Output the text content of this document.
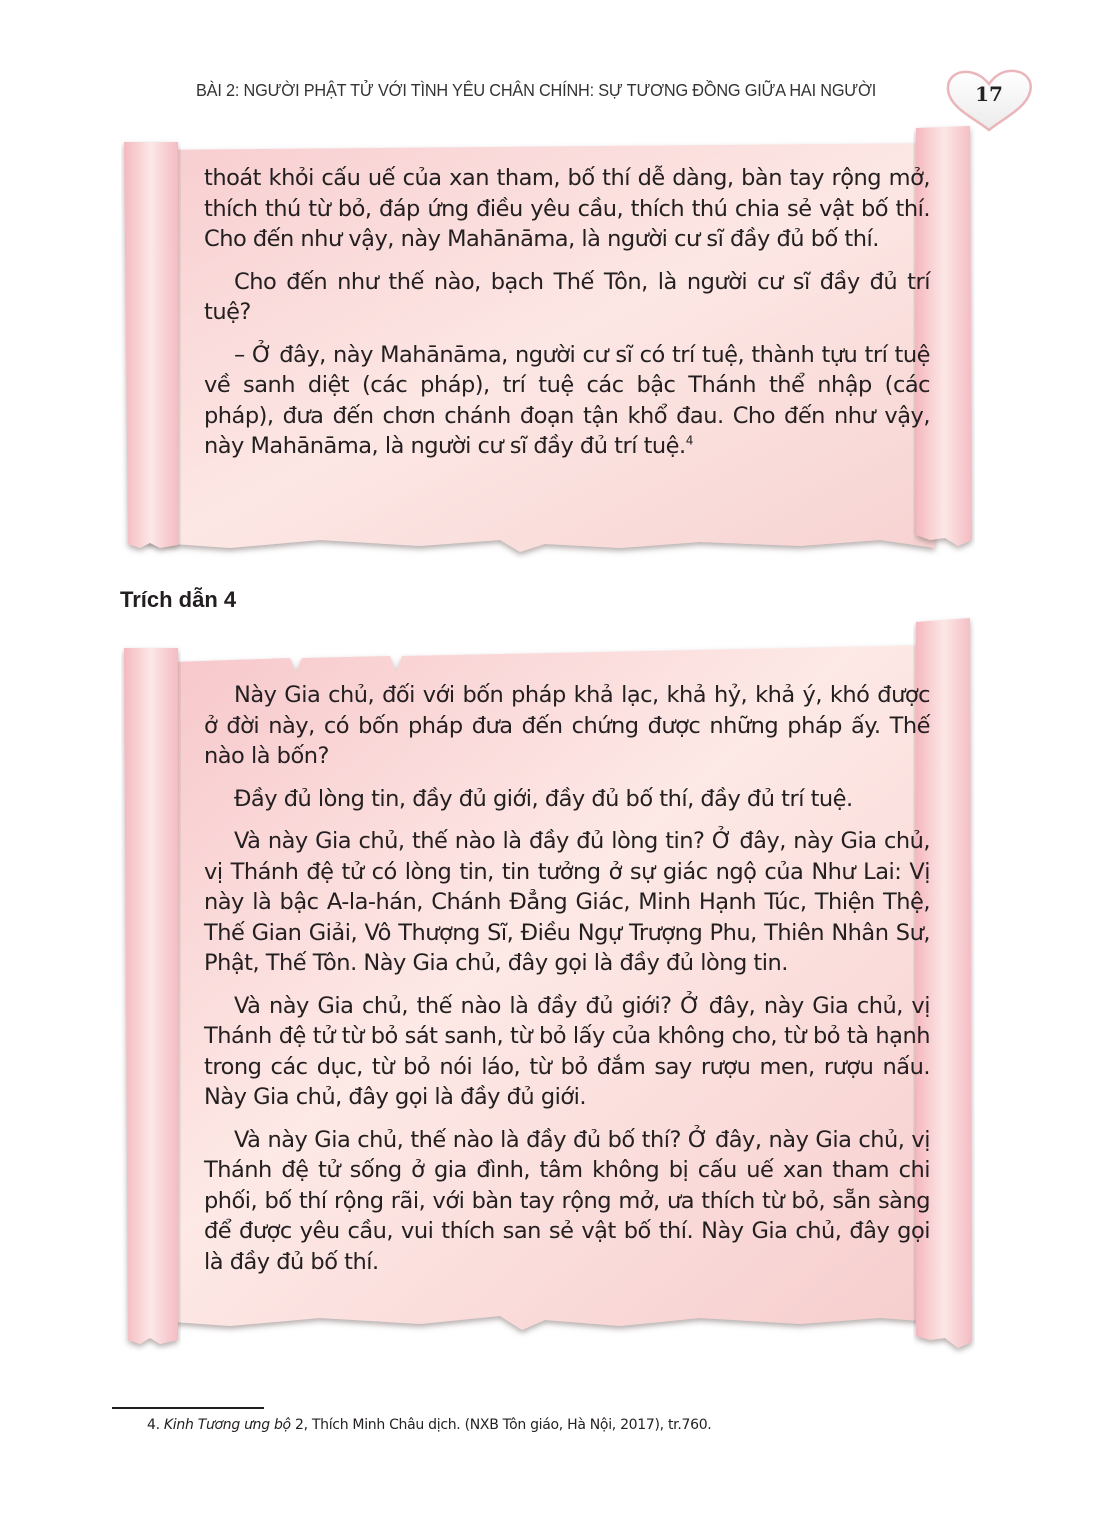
BÀI 2: NGƯỜI PHẬT TỬ VỚI TÌNH YÊU CHÂN CHÍNH: SỰ TƯƠNG ĐỒNG GIỮA HAI NGƯỜI	17

thoát khỏi cấu uế của xan tham, bố thí dễ dàng, bàn tay rộng mở, thích thú từ bỏ, đáp ứng điều yêu cầu, thích thú chia sẻ vật bố thí. Cho đến như vậy, này Mahānāma, là người cư sĩ đầy đủ bố thí.

Cho đến như thế nào, bạch Thế Tôn, là người cư sĩ đầy đủ trí tuệ?

– Ở đây, này Mahānāma, người cư sĩ có trí tuệ, thành tựu trí tuệ về sanh diệt (các pháp), trí tuệ các bậc Thánh thể nhập (các pháp), đưa đến chơn chánh đoạn tận khổ đau. Cho đến như vậy, này Mahānāma, là người cư sĩ đầy đủ trí tuệ.$^4$

Trích dẫn 4

Này Gia chủ, đối với bốn pháp khả lạc, khả hỷ, khả ý, khó được ở đời này, có bốn pháp đưa đến chứng được những pháp ấy. Thế nào là bốn?

Đầy đủ lòng tin, đầy đủ giới, đầy đủ bố thí, đầy đủ trí tuệ.

Và này Gia chủ, thế nào là đầy đủ lòng tin? Ở đây, này Gia chủ, vị Thánh đệ tử có lòng tin, tin tưởng ở sự giác ngộ của Như Lai: Vị này là bậc A-la-hán, Chánh Đẳng Giác, Minh Hạnh Túc, Thiện Thệ, Thế Gian Giải, Vô Thượng Sĩ, Điều Ngự Trượng Phu, Thiên Nhân Sư, Phật, Thế Tôn. Này Gia chủ, đây gọi là đầy đủ lòng tin.

Và này Gia chủ, thế nào là đầy đủ giới? Ở đây, này Gia chủ, vị Thánh đệ tử từ bỏ sát sanh, từ bỏ lấy của không cho, từ bỏ tà hạnh trong các dục, từ bỏ nói láo, từ bỏ đắm say rượu men, rượu nấu. Này Gia chủ, đây gọi là đầy đủ giới.

Và này Gia chủ, thế nào là đầy đủ bố thí? Ở đây, này Gia chủ, vị Thánh đệ tử sống ở gia đình, tâm không bị cấu uế xan tham chi phối, bố thí rộng rãi, với bàn tay rộng mở, ưa thích từ bỏ, sẵn sàng để được yêu cầu, vui thích san sẻ vật bố thí. Này Gia chủ, đây gọi là đầy đủ bố thí.

4. Kinh Tương ưng bộ 2, Thích Minh Châu dịch. (NXB Tôn giáo, Hà Nội, 2017), tr.760.
